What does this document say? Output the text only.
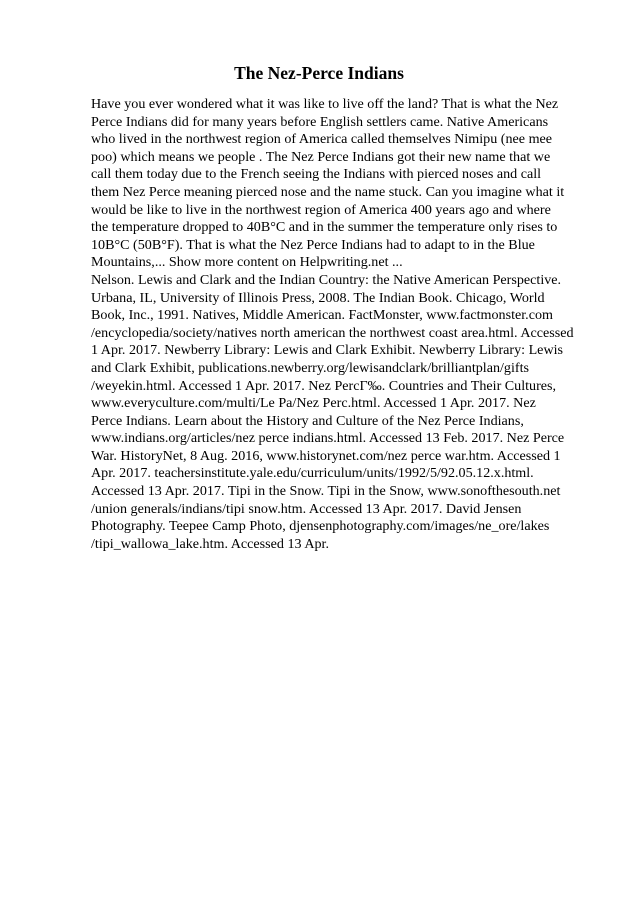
The Nez-Perce Indians
Have you ever wondered what it was like to live off the land? That is what the Nez
Perce Indians did for many years before English settlers came. Native Americans
who lived in the northwest region of America called themselves Nimipu (nee mee
poo) which means we people . The Nez Perce Indians got their new name that we
call them today due to the French seeing the Indians with pierced noses and call
them Nez Perce meaning pierced nose and the name stuck. Can you imagine what it
would be like to live in the northwest region of America 400 years ago and where
the temperature dropped to 40В°C and in the summer the temperature only rises to
10В°C (50В°F). That is what the Nez Perce Indians had to adapt to in the Blue
Mountains,... Show more content on Helpwriting.net ...
Nelson. Lewis and Clark and the Indian Country: the Native American Perspective.
Urbana, IL, University of Illinois Press, 2008. The Indian Book. Chicago, World
Book, Inc., 1991. Natives, Middle American. FactMonster, www.factmonster.com
/encyclopedia/society/natives north american the northwest coast area.html. Accessed
1 Apr. 2017. Newberry Library: Lewis and Clark Exhibit. Newberry Library: Lewis
and Clark Exhibit, publications.newberry.org/lewisandclark/brilliantplan/gifts
/weyekin.html. Accessed 1 Apr. 2017. Nez PercГ‰. Countries and Their Cultures,
www.everyculture.com/multi/Le Pa/Nez Perc.html. Accessed 1 Apr. 2017. Nez
Perce Indians. Learn about the History and Culture of the Nez Perce Indians,
www.indians.org/articles/nez perce indians.html. Accessed 13 Feb. 2017. Nez Perce
War. HistoryNet, 8 Aug. 2016, www.historynet.com/nez perce war.htm. Accessed 1
Apr. 2017. teachersinstitute.yale.edu/curriculum/units/1992/5/92.05.12.x.html.
Accessed 13 Apr. 2017. Tipi in the Snow. Tipi in the Snow, www.sonofthesouth.net
/union generals/indians/tipi snow.htm. Accessed 13 Apr. 2017. David Jensen
Photography. Teepee Camp Photo, djensenphotography.com/images/ne_ore/lakes
/tipi_wallowa_lake.htm. Accessed 13 Apr.
